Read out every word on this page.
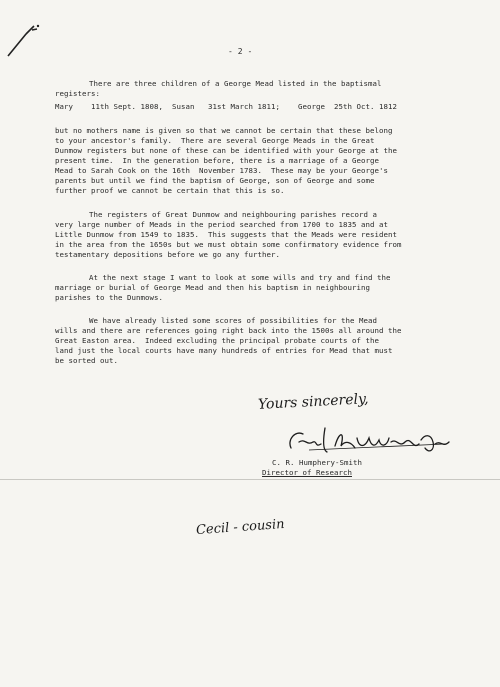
- 2 -
There are three children of a George Mead listed in the baptismal
registers:
Mary    11th Sept. 1808,  Susan   31st March 1811;    George  25th Oct. 1812
but no mothers name is given so that we cannot be certain that these belong
to your ancestor's family.  There are several George Meads in the Great
Dunmow registers but none of these can be identified with your George at the
present time.  In the generation before, there is a marriage of a George
Mead to Sarah Cook on the 16th  November 1783.  These may be your George's
parents but until we find the baptism of George, son of George and some
further proof we cannot be certain that this is so.
The registers of Great Dunmow and neighbouring parishes record a
very large number of Meads in the period searched from 1700 to 1835 and at
Little Dunmow from 1549 to 1835.  This suggests that the Meads were resident
in the area from the 1650s but we must obtain some confirmatory evidence from
testamentary depositions before we go any further.
At the next stage I want to look at some wills and try and find the
marriage or burial of George Mead and then his baptism in neighbouring
parishes to the Dunmows.
We have already listed some scores of possibilities for the Mead
wills and there are references going right back into the 1500s all around the
Great Easton area.  Indeed excluding the principal probate courts of the
land just the local courts have many hundreds of entries for Mead that must
be sorted out.
Yours sincerely,
C. R. Humphery-Smith
Director of Research
Cecil - cousin
